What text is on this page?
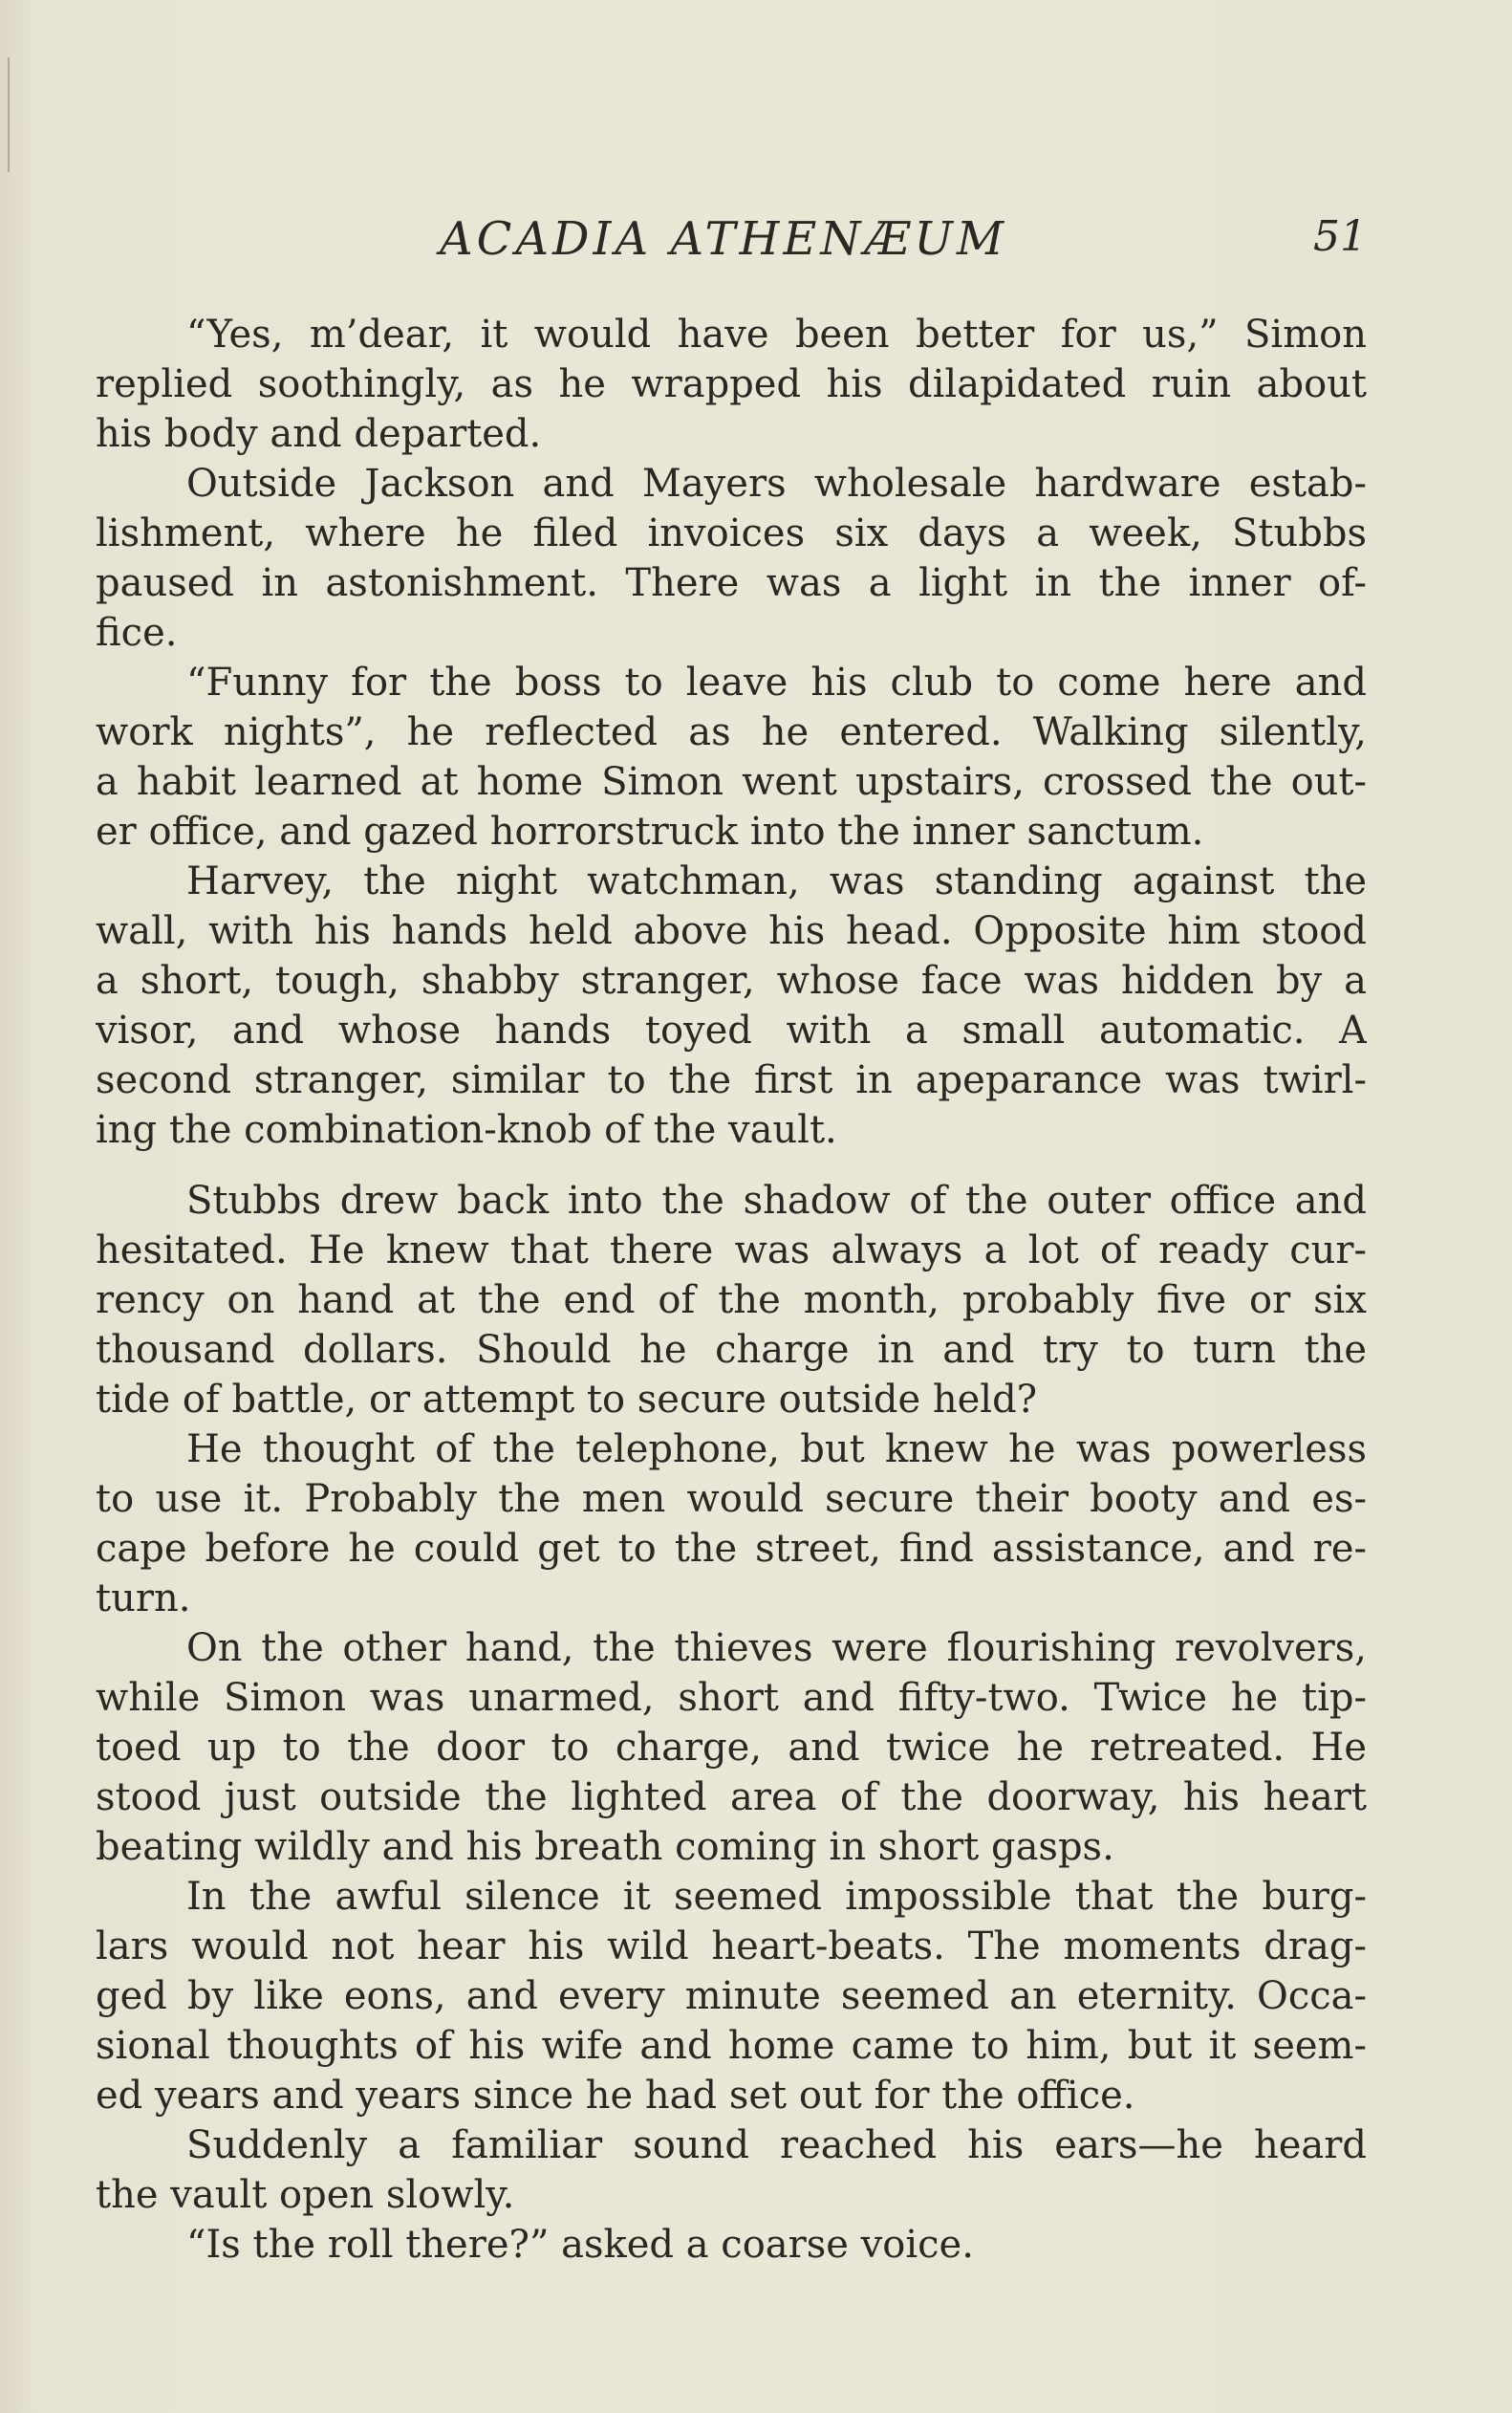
ACADIA ATHENÆUM	51
“Yes, m’dear, it would have been better for us,” Simon
replied soothingly, as he wrapped his dilapidated ruin about
his body and departed.
Outside Jackson and Mayers wholesale hardware estab-
lishment, where he filed invoices six days a week, Stubbs
paused in astonishment. There was a light in the inner of-
fice.
“Funny for the boss to leave his club to come here and
work nights”, he reflected as he entered. Walking silently,
a habit learned at home Simon went upstairs, crossed the out-
er office, and gazed horrorstruck into the inner sanctum.
Harvey, the night watchman, was standing against the
wall, with his hands held above his head. Opposite him stood
a short, tough, shabby stranger, whose face was hidden by a
visor, and whose hands toyed with a small automatic. A
second stranger, similar to the first in apeparance was twirl-
ing the combination-knob of the vault.
Stubbs drew back into the shadow of the outer office and
hesitated. He knew that there was always a lot of ready cur-
rency on hand at the end of the month, probably five or six
thousand dollars. Should he charge in and try to turn the
tide of battle, or attempt to secure outside held?
He thought of the telephone, but knew he was powerless
to use it. Probably the men would secure their booty and es-
cape before he could get to the street, find assistance, and re-
turn.
On the other hand, the thieves were flourishing revolvers,
while Simon was unarmed, short and fifty-two. Twice he tip-
toed up to the door to charge, and twice he retreated. He
stood just outside the lighted area of the doorway, his heart
beating wildly and his breath coming in short gasps.
In the awful silence it seemed impossible that the burg-
lars would not hear his wild heart-beats. The moments drag-
ged by like eons, and every minute seemed an eternity. Occa-
sional thoughts of his wife and home came to him, but it seem-
ed years and years since he had set out for the office.
Suddenly a familiar sound reached his ears—he heard
the vault open slowly.
“Is the roll there?” asked a coarse voice.
